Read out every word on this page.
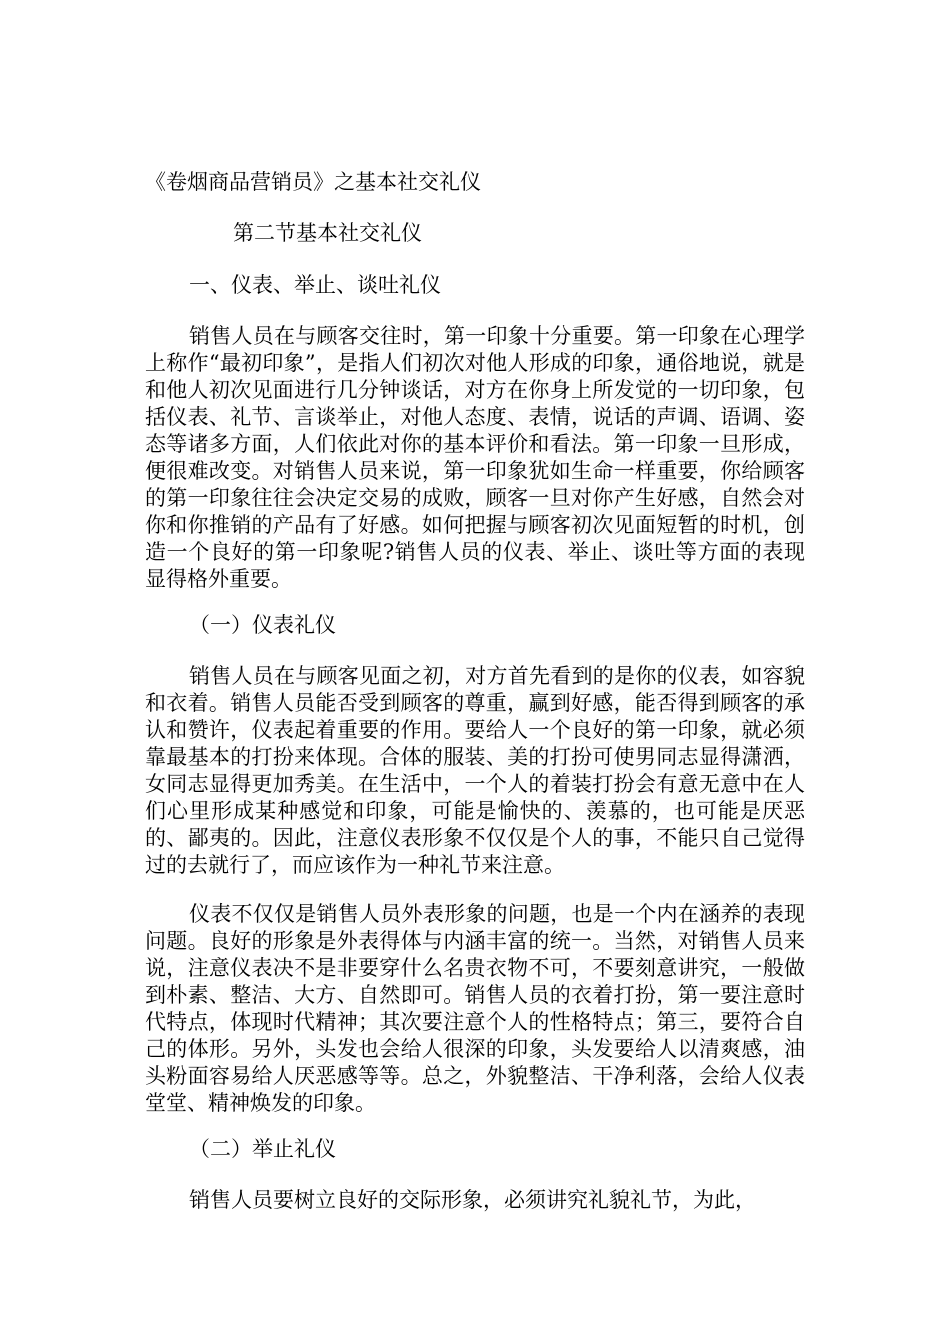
《卷烟商品营销员》之基本社交礼仪
第二节基本社交礼仪
一、仪表、举止、谈吐礼仪

销售人员在与顾客交往时，第一印象十分重要。第一印象在心理学上称作“最初印象”，是指人们初次对他人形成的印象，通俗地说，就是和他人初次见面进行几分钟谈话，对方在你身上所发觉的一切印象，包括仪表、礼节、言谈举止，对他人态度、表情，说话的声调、语调、姿态等诸多方面，人们依此对你的基本评价和看法。第一印象一旦形成，便很难改变。对销售人员来说，第一印象犹如生命一样重要，你给顾客的第一印象往往会决定交易的成败，顾客一旦对你产生好感，自然会对你和你推销的产品有了好感。如何把握与顾客初次见面短暂的时机，创造一个良好的第一印象呢?销售人员的仪表、举止、谈吐等方面的表现显得格外重要。

（一）仪表礼仪

销售人员在与顾客见面之初，对方首先看到的是你的仪表，如容貌和衣着。销售人员能否受到顾客的尊重，赢到好感，能否得到顾客的承认和赞许，仪表起着重要的作用。要给人一个良好的第一印象，就必须靠最基本的打扮来体现。合体的服装、美的打扮可使男同志显得潇洒，女同志显得更加秀美。在生活中，一个人的着装打扮会有意无意中在人们心里形成某种感觉和印象，可能是愉快的、羡慕的，也可能是厌恶的、鄙夷的。因此，注意仪表形象不仅仅是个人的事，不能只自己觉得过的去就行了，而应该作为一种礼节来注意。

仪表不仅仅是销售人员外表形象的问题，也是一个内在涵养的表现问题。良好的形象是外表得体与内涵丰富的统一。当然，对销售人员来说，注意仪表决不是非要穿什么名贵衣物不可，不要刻意讲究，一般做到朴素、整洁、大方、自然即可。销售人员的衣着打扮，第一要注意时代特点，体现时代精神；其次要注意个人的性格特点；第三，要符合自己的体形。另外，头发也会给人很深的印象，头发要给人以清爽感，油头粉面容易给人厌恶感等等。总之，外貌整洁、干净利落，会给人仪表堂堂、精神焕发的印象。

（二）举止礼仪

销售人员要树立良好的交际形象，必须讲究礼貌礼节，为此，
